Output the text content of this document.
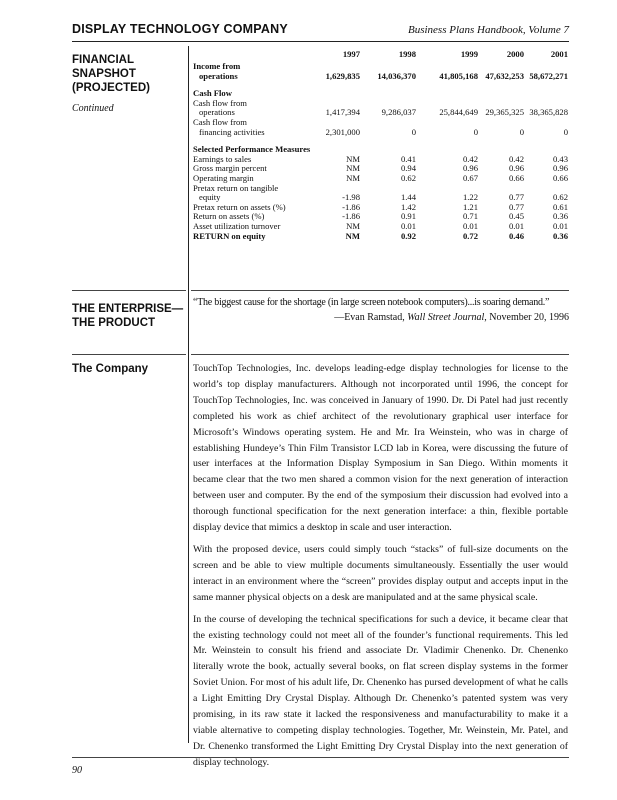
DISPLAY TECHNOLOGY COMPANY	Business Plans Handbook, Volume 7
FINANCIAL
SNAPSHOT
(PROJECTED)
Continued
THE ENTERPRISE—
THE PRODUCT
The Company
1997	1998	1999	2000	2001
Income from
operations	1,629,835	14,036,370	41,805,168 47,632,253 58,672,271
Cash Flow
Cash flow from
operations	1,417,394	9,286,037	25,844,649 29,365,325 38,365,828
Cash flow from
financing activities	2,301,000	0	0	0	0
Selected Performance Measures
Earnings to sales	NM	0.41	0.42	0.42	0.43
Gross margin percent	NM	0.94	0.96	0.96	0.96
Operating margin	NM	0.62	0.67	0.66	0.66
Pretax return on tangible
equity	-1.98	1.44	1.22	0.77	0.62
Pretax return on assets (%)	-1.86	1.42	1.21	0.77	0.61
Return on assets (%)	-1.86	0.91	0.71	0.45	0.36
Asset utilization turnover	NM	0.01	0.01	0.01	0.01
RETURN on equity	NM	0.92	0.72	0.46	0.36
“The biggest cause for the shortage (in large screen notebook computers)...is soaring demand.”
—Evan Ramstad, Wall Street Journal, November 20, 1996

TouchTop Technologies, Inc. develops leading-edge display technologies for license to the world’s top display manufacturers. Although not incorporated until 1996, the concept for TouchTop Technologies, Inc. was conceived in January of 1990. Dr. Di Patel had just recently completed his work as chief architect of the revolutionary graphical user interface for Microsoft’s Windows operating system. He and Mr. Ira Weinstein, who was in charge of establishing Hundeye’s Thin Film Transistor LCD lab in Korea, were discussing the future of user interfaces at the Information Display Symposium in San Diego. Within moments it became clear that the two men shared a common vision for the next generation of interaction between user and computer. By the end of the symposium their discussion had evolved into a thorough functional specification for the next generation interface: a thin, flexible portable display device that mimics a desktop in scale and user interaction.

With the proposed device, users could simply touch “stacks” of full-size documents on the screen and be able to view multiple documents simultaneously. Essentially the user would interact in an environment where the “screen” provides display output and accepts input in the same manner physical objects on a desk are manipulated and at the same physical scale.

In the course of developing the technical specifications for such a device, it became clear that the existing technology could not meet all of the founder’s functional requirements. This led Mr. Weinstein to consult his friend and associate Dr. Vladimir Chenenko. Dr. Chenenko literally wrote the book, actually several books, on flat screen display systems in the former Soviet Union. For most of his adult life, Dr. Chenenko has pursed development of what he calls a Light Emitting Dry Crystal Display. Although Dr. Chenenko’s patented system was very promising, in its raw state it lacked the responsiveness and manufacturability to make it a viable alternative to competing display technologies. Together, Mr. Weinstein, Mr. Patel, and Dr. Chenenko transformed the Light Emitting Dry Crystal Display into the next generation of display technology.

90
